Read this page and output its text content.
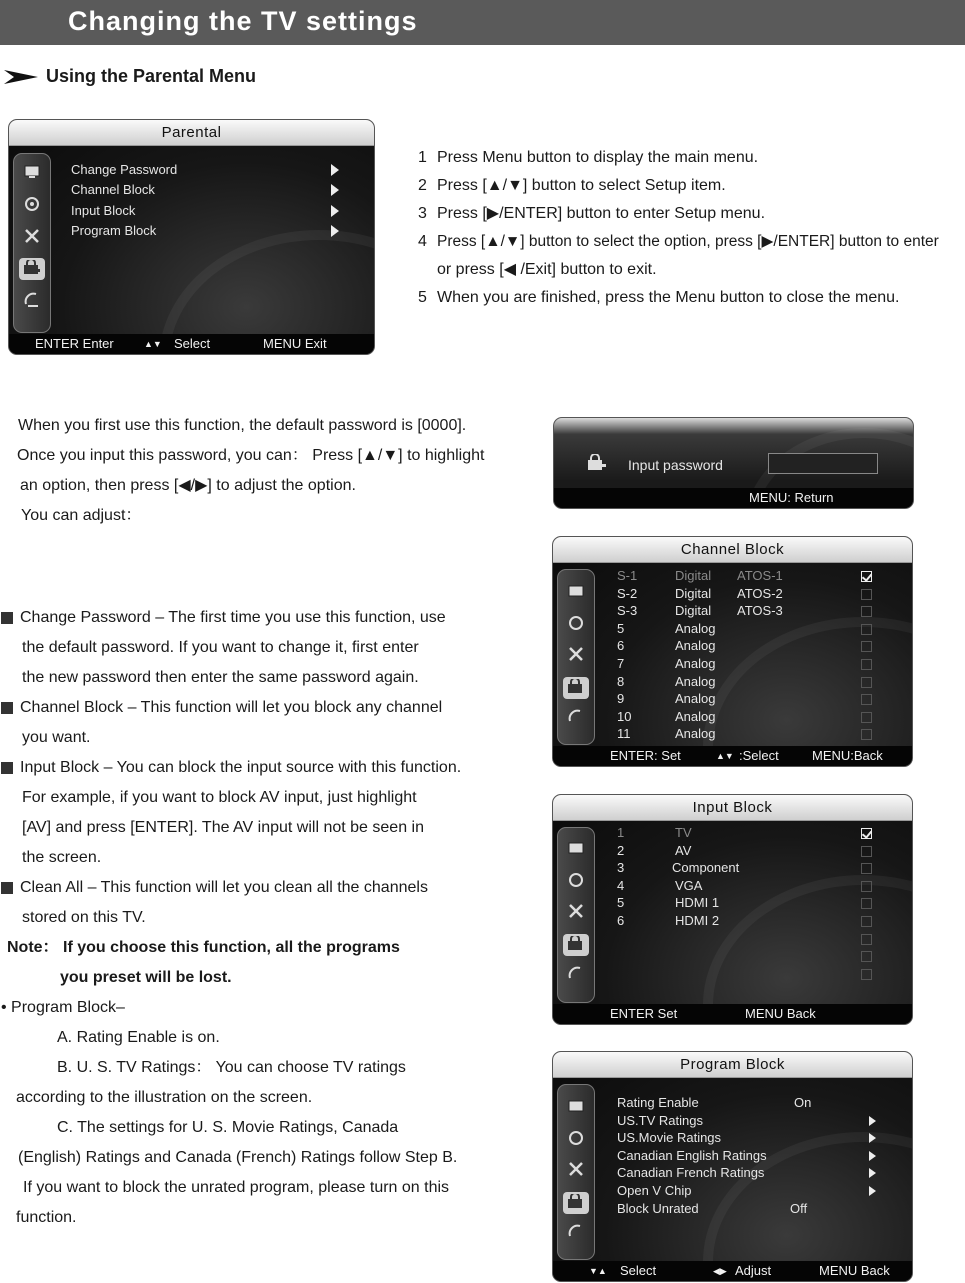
Changing the TV settings
Using the Parental Menu
Parental
Change Password
Channel Block
Input Block
Program Block
ENTER Enter	▲▼ Select	MENU Exit
1 Press Menu button to display the main menu.
2 Press [▲/▼] button to select Setup item.
3 Press [▶/ENTER] button to enter Setup menu.
4 Press [▲/▼] button to select the option, press [▶/ENTER] button to enter
or press [◀ /Exit] button to exit.
5 When you are finished, press the Menu button to close the menu.
When you first use this function, the default password is [0000].
Once you input this password, you can： Press [▲/▼] to highlight
an option, then press [◀/▶] to adjust the option.
You can adjust：
Input password
MENU: Return
Channel Block
S-1	Digital ATOS-1
S-2	Digital ATOS-2
S-3	Digital ATOS-3
5	Analog
6	Analog
7	Analog
8	Analog
9	Analog
10	Analog
11	Analog
ENTER: Set	▲▼ :Select	MENU:Back
Input Block
1	TV
2	AV
3	Component
4	VGA
5	HDMI 1
6	HDMI 2
ENTER Set	MENU Back
Program Block
Rating Enable	On
US.TV Ratings
US.Movie Ratings
Canadian English Ratings
Canadian French Ratings
Open V Chip
Block Unrated	Off
▼▲ Select	◀▶ Adjust	MENU Back
Change Password – The first time you use this function, use
the default password. If you want to change it, first enter
the new password then enter the same password again.
Channel Block – This function will let you block any channel
you want.
Input Block – You can block the input source with this function.
For example, if you want to block AV input, just highlight
[AV] and press [ENTER]. The AV input will not be seen in
the screen.
Clean All – This function will let you clean all the channels
stored on this TV.
Note： If you choose this function, all the programs
you preset will be lost.
• Program Block–
A. Rating Enable is on.
B. U. S. TV Ratings： You can choose TV ratings
according to the illustration on the screen.
C. The settings for U. S. Movie Ratings, Canada
(English) Ratings and Canada (French) Ratings follow Step B.
If you want to block the unrated program, please turn on this
function.
